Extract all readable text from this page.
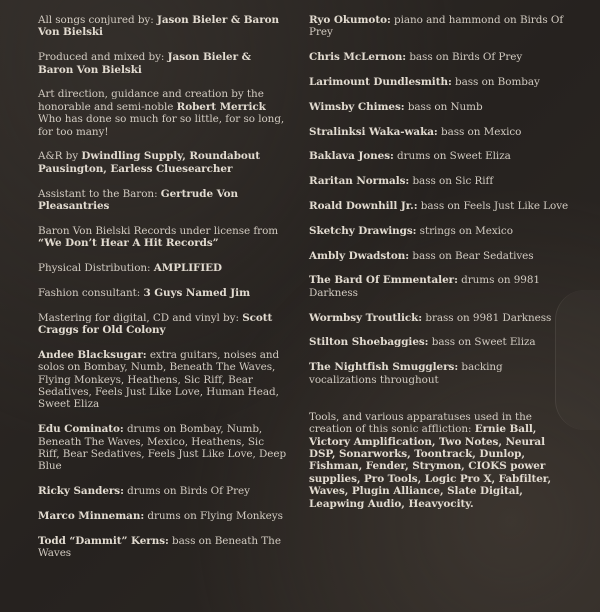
All songs conjured by: Jason Bieler & Baron Von Bielski

Produced and mixed by: Jason Bieler & Baron Von Bielski

Art direction, guidance and creation by the honorable and semi-noble Robert Merrick Who has done so much for so little, for so long, for too many!

A&R by Dwindling Supply, Roundabout Pausington, Earless Cluesearcher

Assistant to the Baron: Gertrude Von Pleasantries

Baron Von Bielski Records under license from “We Don’t Hear A Hit Records”

Physical Distribution: AMPLIFIED

Fashion consultant: 3 Guys Named Jim

Mastering for digital, CD and vinyl by: Scott Craggs for Old Colony

Andee Blacksugar: extra guitars, noises and solos on Bombay, Numb, Beneath The Waves, Flying Monkeys, Heathens, Sic Riff, Bear Sedatives, Feels Just Like Love, Human Head, Sweet Eliza

Edu Cominato: drums on Bombay, Numb, Beneath The Waves, Mexico, Heathens, Sic Riff, Bear Sedatives, Feels Just Like Love, Deep Blue

Ricky Sanders: drums on Birds Of Prey

Marco Minneman: drums on Flying Monkeys

Todd “Dammit” Kerns: bass on Beneath The Waves

Ryo Okumoto: piano and hammond on Birds Of Prey

Chris McLernon: bass on Birds Of Prey

Larimount Dundlesmith: bass on Bombay

Wimsby Chimes: bass on Numb

Stralinksi Waka-waka: bass on Mexico

Baklava Jones: drums on Sweet Eliza

Raritan Normals: bass on Sic Riff

Roald Downhill Jr.: bass on Feels Just Like Love

Sketchy Drawings: strings on Mexico

Ambly Dwadston: bass on Bear Sedatives

The Bard Of Emmentaler: drums on 9981 Darkness

Wormbsy Troutlick: brass on 9981 Darkness

Stilton Shoebaggies: bass on Sweet Eliza

The Nightfish Smugglers: backing vocalizations throughout

Tools, and various apparatuses used in the creation of this sonic affliction: Ernie Ball, Victory Amplification, Two Notes, Neural DSP, Sonarworks, Toontrack, Dunlop, Fishman, Fender, Strymon, CIOKS power supplies, Pro Tools, Logic Pro X, Fabfilter, Waves, Plugin Alliance, Slate Digital, Leapwing Audio, Heavyocity.
